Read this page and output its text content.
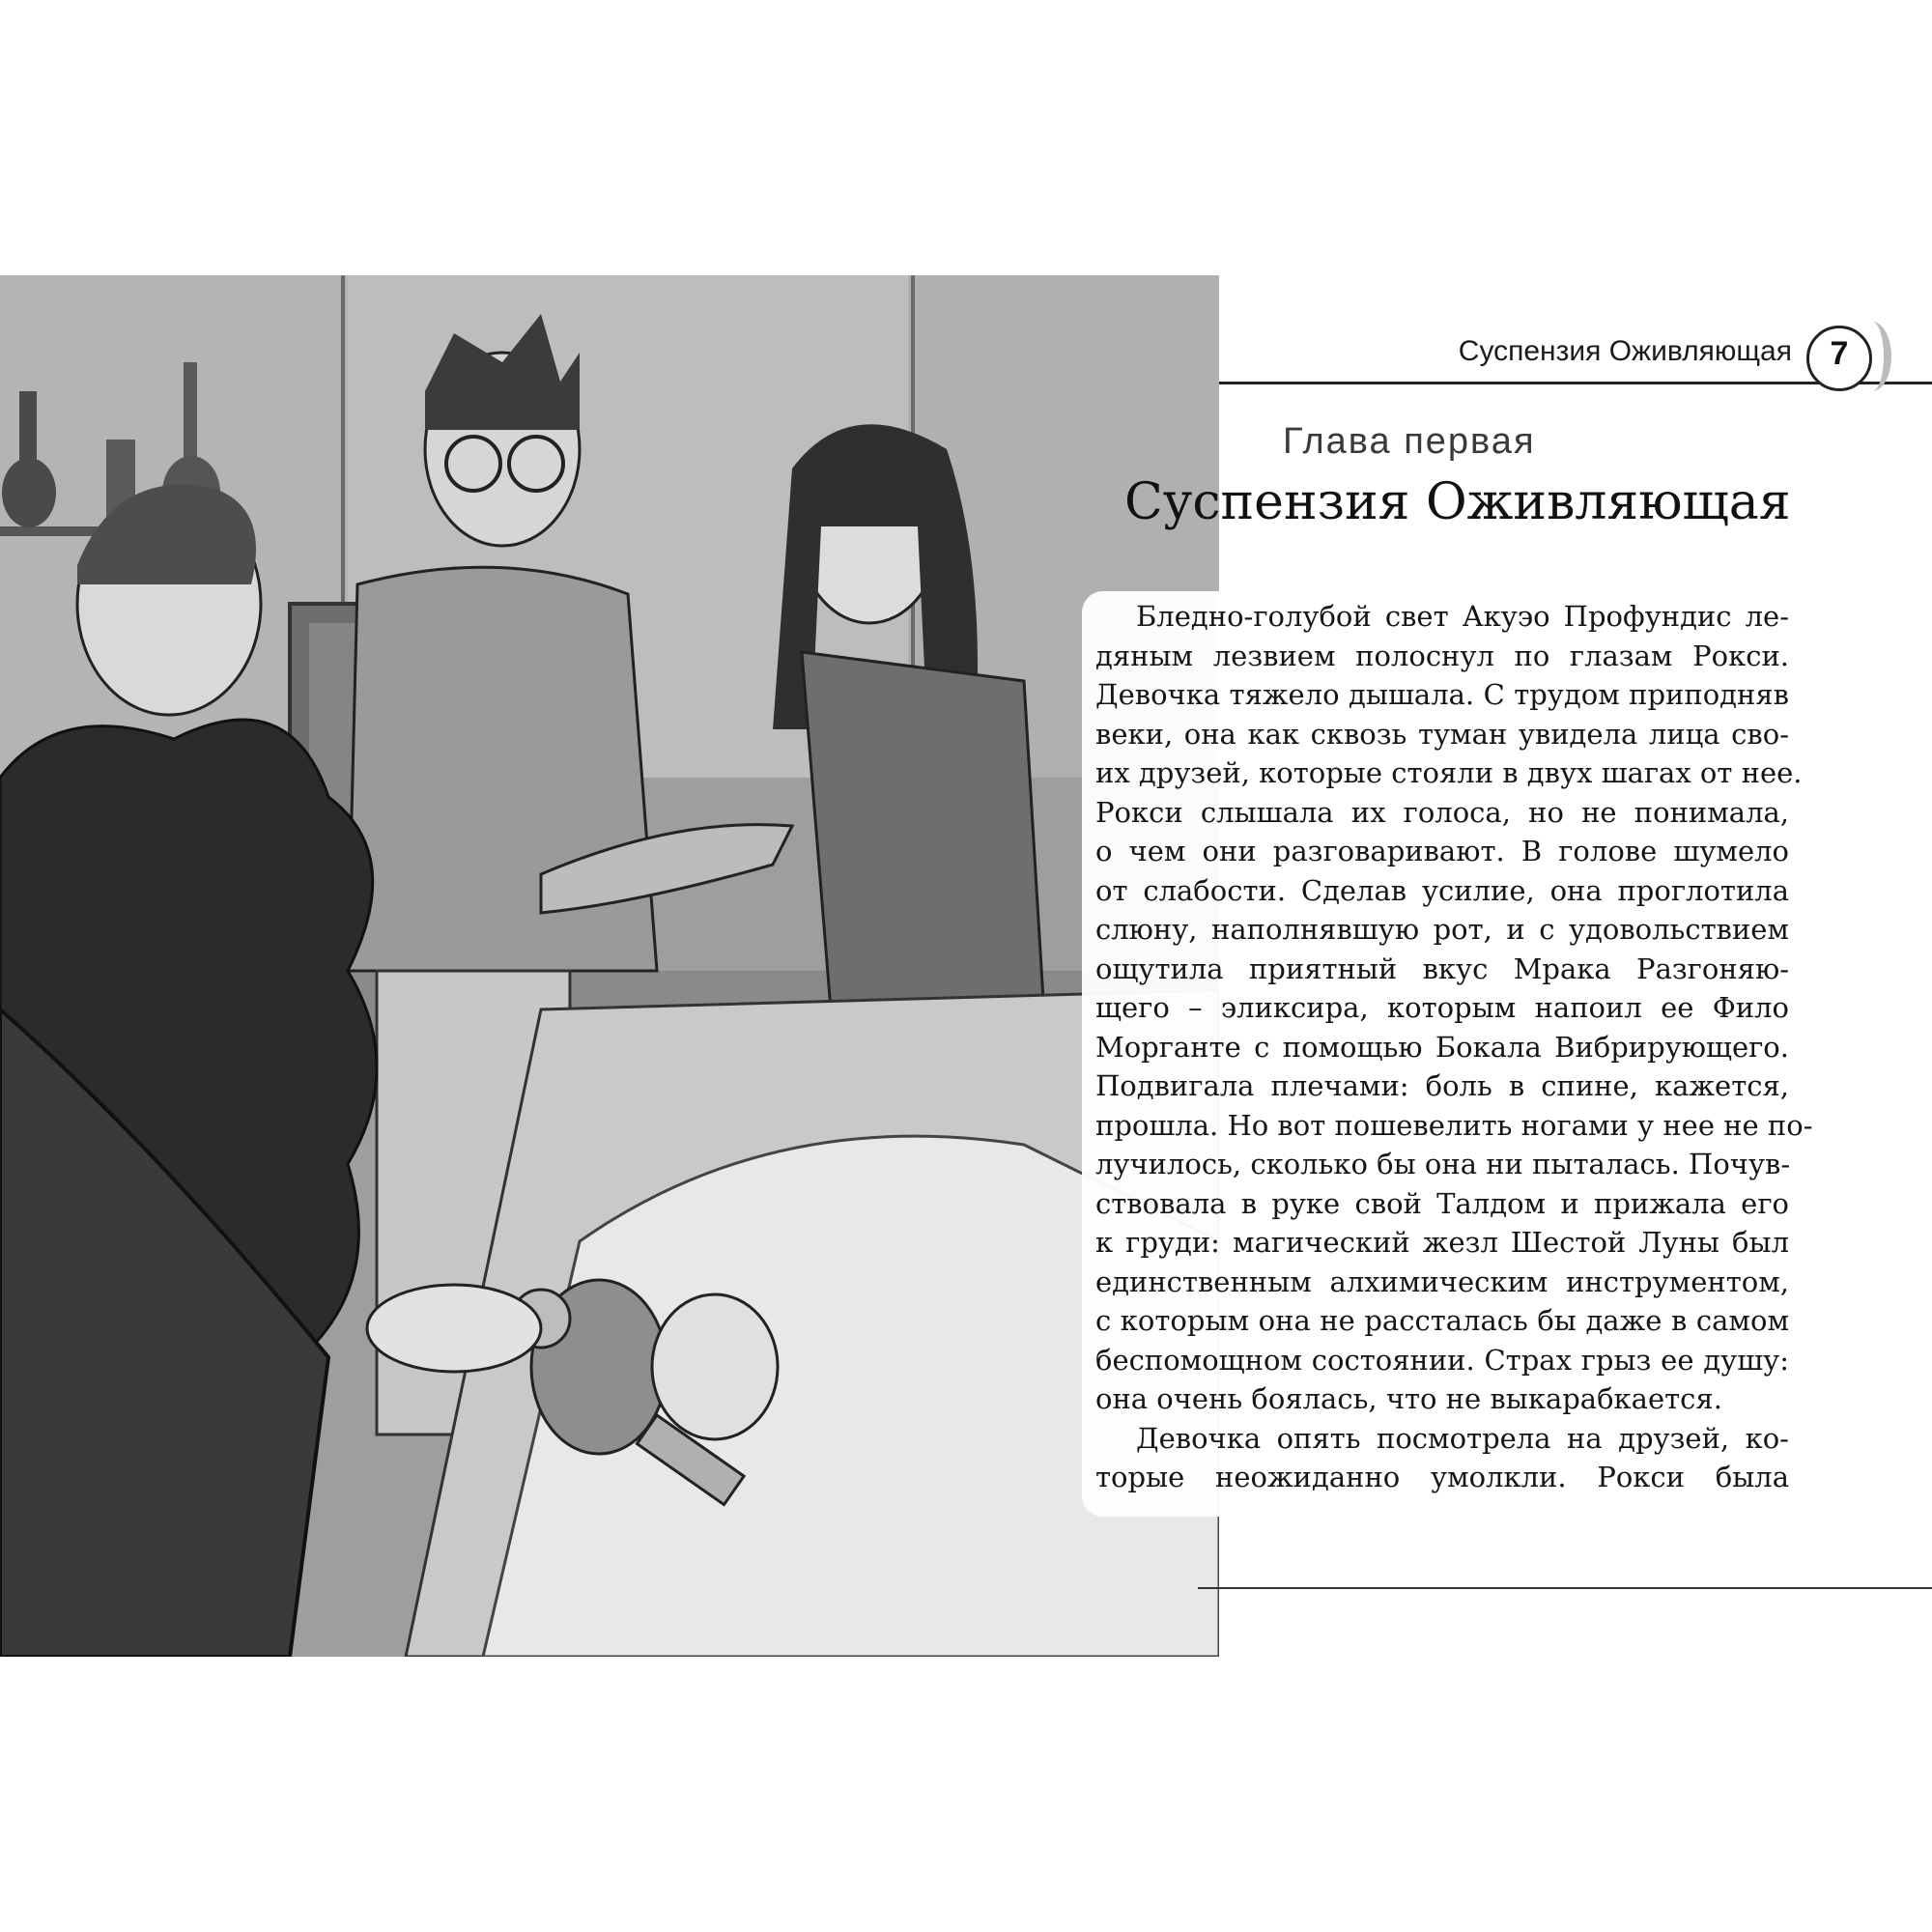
Суспензия Оживляющая	7
Глава первая
Суспензия Оживляющая
Бледно-голубой свет Акуэо Профундис ле-
дяным лезвием полоснул по глазам Рокси.
Девочка тяжело дышала. С трудом приподняв
веки, она как сквозь туман увидела лица сво-
их друзей, которые стояли в двух шагах от нее.
Рокси слышала их голоса, но не понимала,
о чем они разговаривают. В голове шумело
от слабости. Сделав усилие, она проглотила
слюну, наполнявшую рот, и с удовольствием
ощутила приятный вкус Мрака Разгоняю-
щего – эликсира, которым напоил ее Фило
Морганте с помощью Бокала Вибрирующего.
Подвигала плечами: боль в спине, кажется,
прошла. Но вот пошевелить ногами у нее не по-
лучилось, сколько бы она ни пыталась. Почув-
ствовала в руке свой Талдом и прижала его
к груди: магический жезл Шестой Луны был
единственным алхимическим инструментом,
с которым она не рассталась бы даже в самом
беспомощном состоянии. Страх грыз ее душу:
она очень боялась, что не выкарабкается.
Девочка опять посмотрела на друзей, ко-
торые неожиданно умолкли. Рокси была
